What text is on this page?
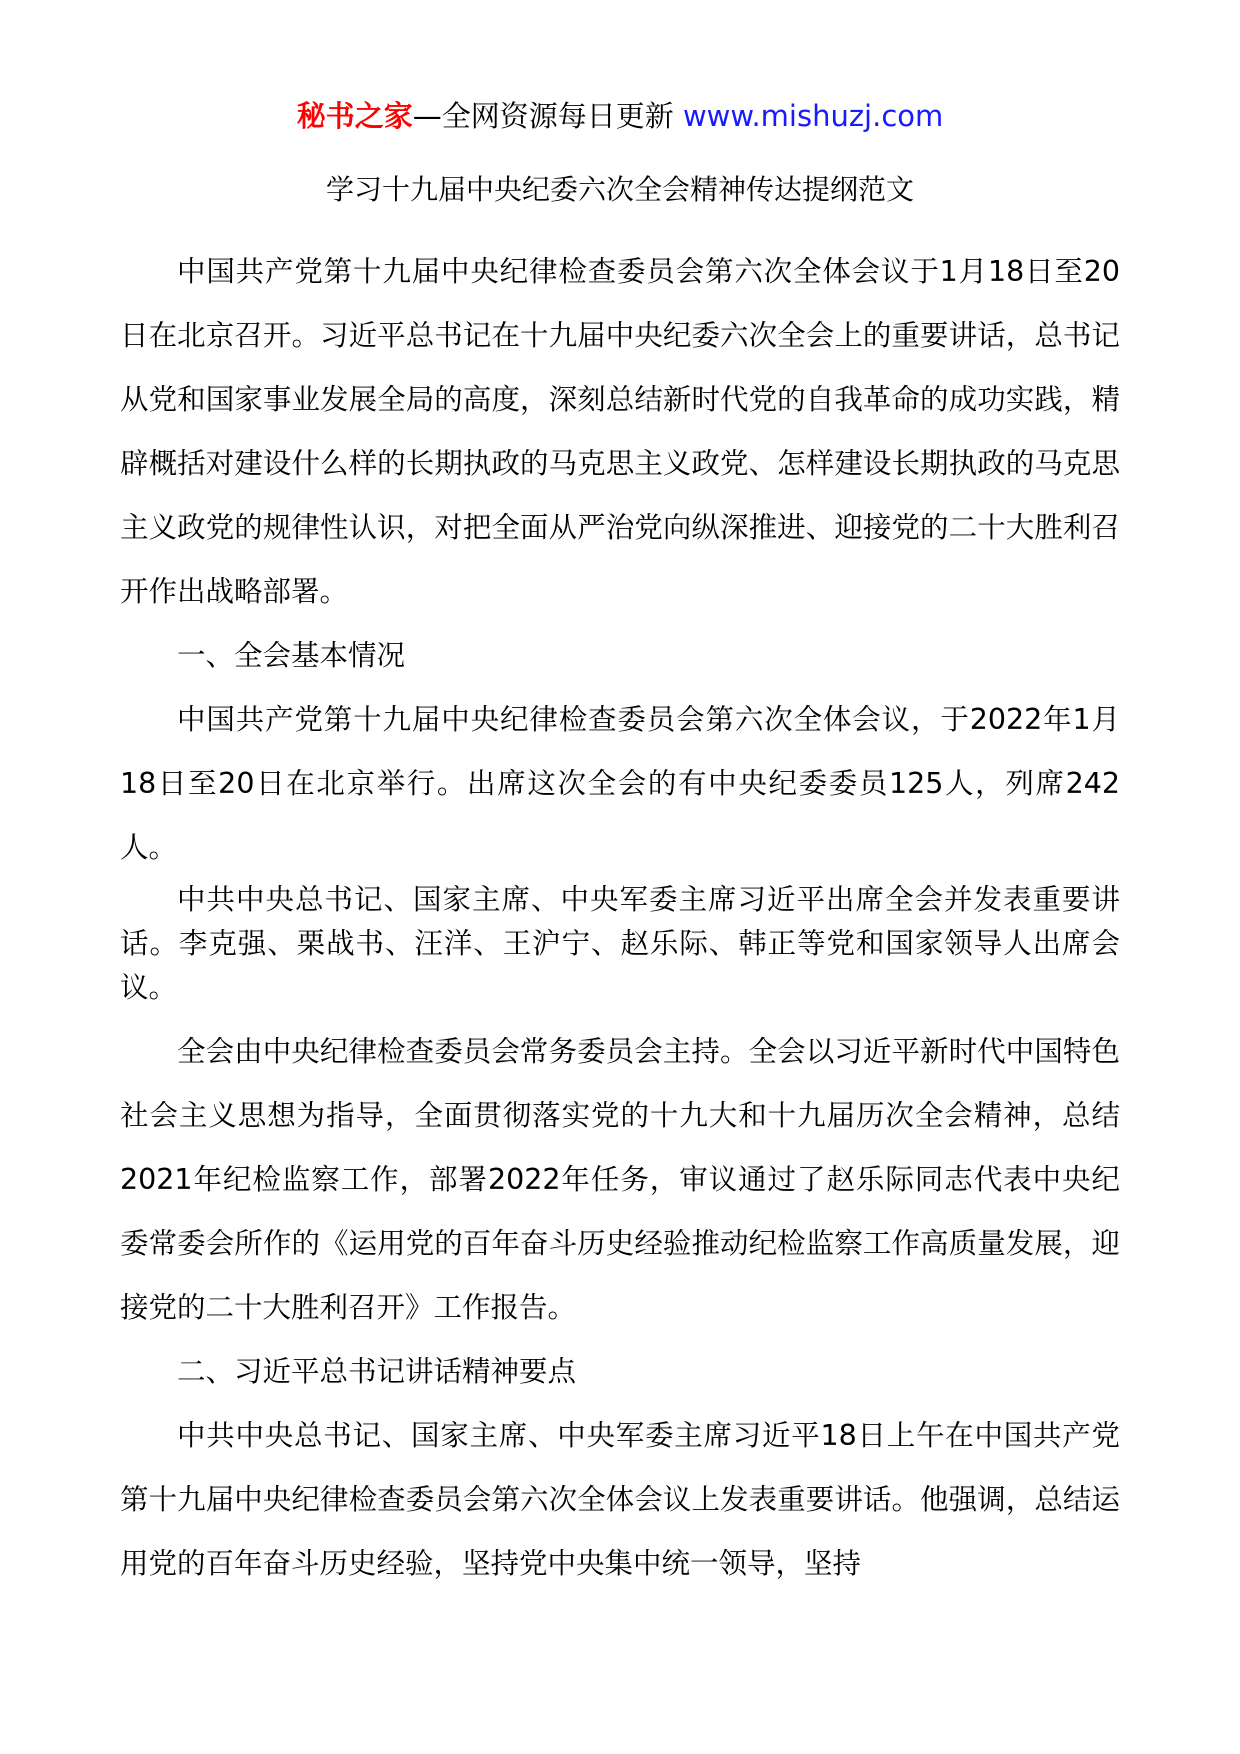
秘书之家—全网资源每日更新 www.mishuzj.com
学习十九届中央纪委六次全会精神传达提纲范文

中国共产党第十九届中央纪律检查委员会第六次全体会议于1月18日至20日在北京召开。习近平总书记在十九届中央纪委六次全会上的重要讲话，总书记从党和国家事业发展全局的高度，深刻总结新时代党的自我革命的成功实践，精辟概括对建设什么样的长期执政的马克思主义政党、怎样建设长期执政的马克思主义政党的规律性认识，对把全面从严治党向纵深推进、迎接党的二十大胜利召开作出战略部署。

一、全会基本情况

中国共产党第十九届中央纪律检查委员会第六次全体会议，于2022年1月18日至20日在北京举行。出席这次全会的有中央纪委委员125人，列席242人。

中共中央总书记、国家主席、中央军委主席习近平出席全会并发表重要讲话。李克强、栗战书、汪洋、王沪宁、赵乐际、韩正等党和国家领导人出席会议。

全会由中央纪律检查委员会常务委员会主持。全会以习近平新时代中国特色社会主义思想为指导，全面贯彻落实党的十九大和十九届历次全会精神，总结2021年纪检监察工作，部署2022年任务，审议通过了赵乐际同志代表中央纪委常委会所作的《运用党的百年奋斗历史经验推动纪检监察工作高质量发展，迎接党的二十大胜利召开》工作报告。

二、习近平总书记讲话精神要点

中共中央总书记、国家主席、中央军委主席习近平18日上午在中国共产党第十九届中央纪律检查委员会第六次全体会议上发表重要讲话。他强调，总结运用党的百年奋斗历史经验，坚持党中央集中统一领导，坚持
